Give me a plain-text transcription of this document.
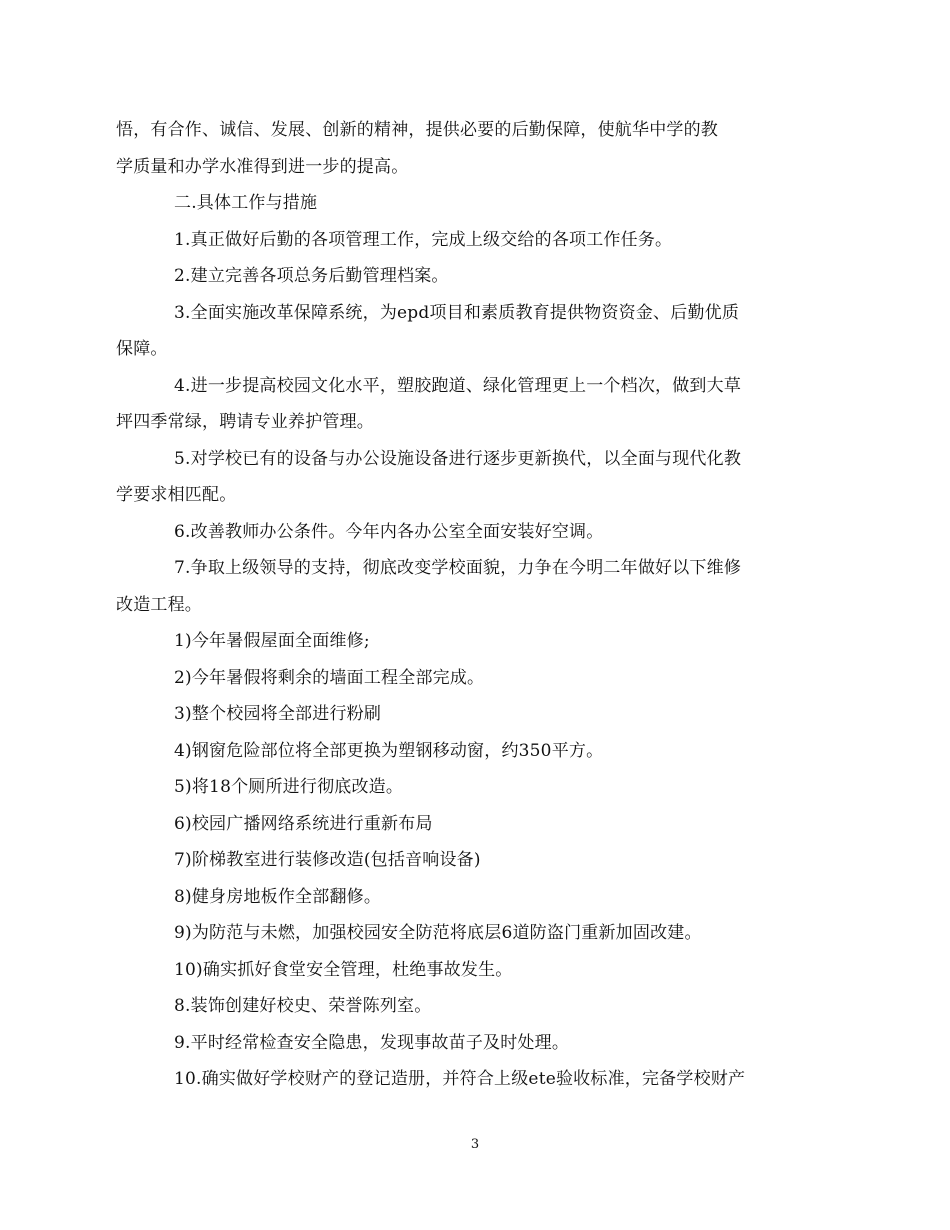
悟，有合作、诚信、发展、创新的精神，提供必要的后勤保障，使航华中学的教
学质量和办学水准得到进一步的提高。
二.具体工作与措施
1.真正做好后勤的各项管理工作，完成上级交给的各项工作任务。
2.建立完善各项总务后勤管理档案。
3.全面实施改革保障系统，为epd项目和素质教育提供物资资金、后勤优质
保障。
4.进一步提高校园文化水平，塑胶跑道、绿化管理更上一个档次，做到大草
坪四季常绿，聘请专业养护管理。
5.对学校已有的设备与办公设施设备进行逐步更新换代，以全面与现代化教
学要求相匹配。
6.改善教师办公条件。今年内各办公室全面安装好空调。
7.争取上级领导的支持，彻底改变学校面貌，力争在今明二年做好以下维修
改造工程。
1)今年暑假屋面全面维修;
2)今年暑假将剩余的墙面工程全部完成。
3)整个校园将全部进行粉刷
4)钢窗危险部位将全部更换为塑钢移动窗，约350平方。
5)将18个厕所进行彻底改造。
6)校园广播网络系统进行重新布局
7)阶梯教室进行装修改造(包括音响设备)
8)健身房地板作全部翻修。
9)为防范与未燃，加强校园安全防范将底层6道防盗门重新加固改建。
10)确实抓好食堂安全管理，杜绝事故发生。
8.装饰创建好校史、荣誉陈列室。
9.平时经常检查安全隐患，发现事故苗子及时处理。
10.确实做好学校财产的登记造册，并符合上级ete验收标准，完备学校财产
3
